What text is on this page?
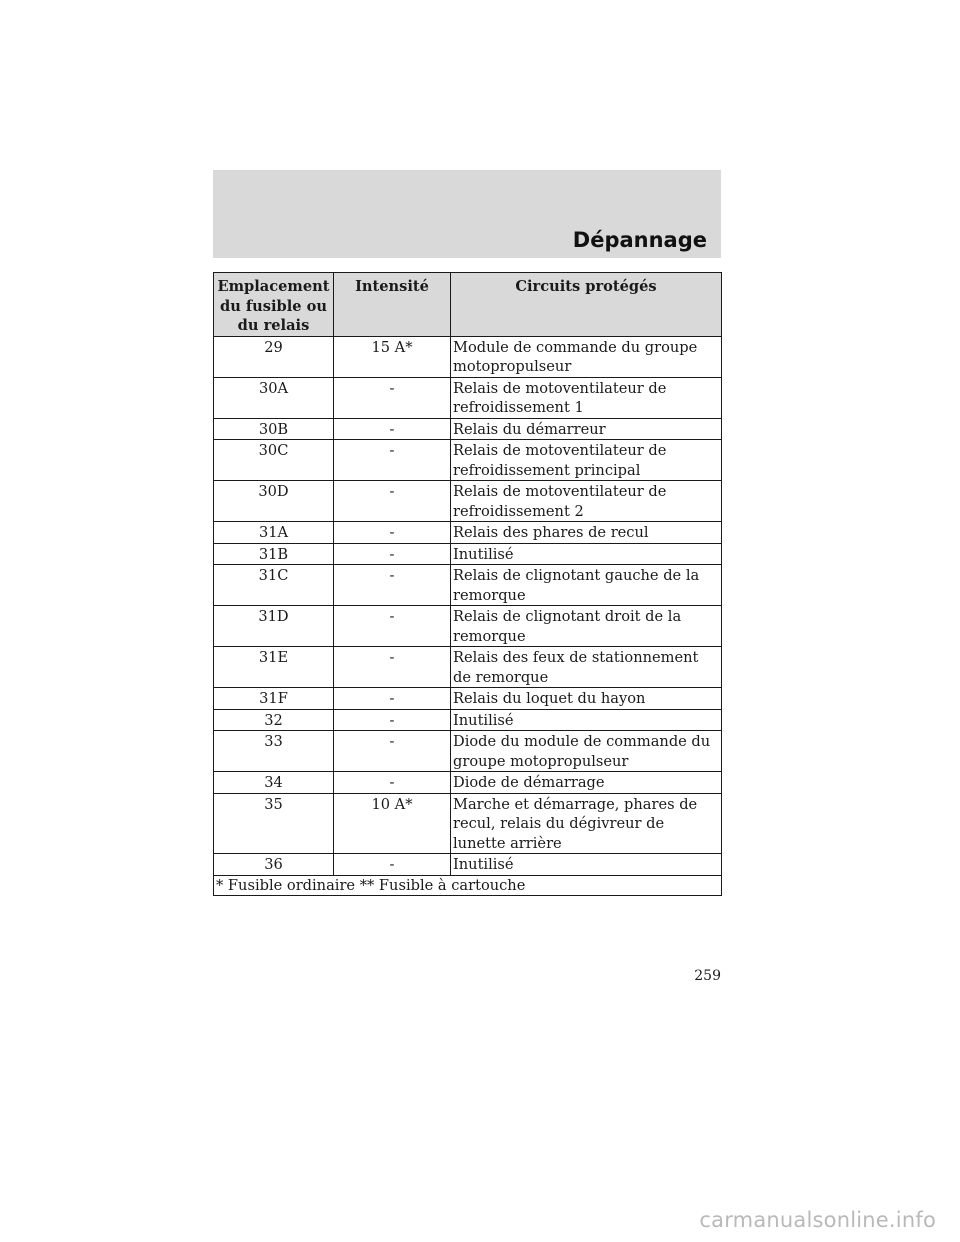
Dépannage
Emplacement du fusible ou du relais	Intensité	Circuits protégés
29	15 A*	Module de commande du groupe motopropulseur
30A	-	Relais de motoventilateur de refroidissement 1
30B	-	Relais du démarreur
30C	-	Relais de motoventilateur de refroidissement principal
30D	-	Relais de motoventilateur de refroidissement 2
31A	-	Relais des phares de recul
31B	-	Inutilisé
31C	-	Relais de clignotant gauche de la remorque
31D	-	Relais de clignotant droit de la remorque
31E	-	Relais des feux de stationnement de remorque
31F	-	Relais du loquet du hayon
32	-	Inutilisé
33	-	Diode du module de commande du groupe motopropulseur
34	-	Diode de démarrage
35	10 A*	Marche et démarrage, phares de recul, relais du dégivreur de lunette arrière
36	-	Inutilisé
* Fusible ordinaire ** Fusible à cartouche		
259
carmanualsonline.info
